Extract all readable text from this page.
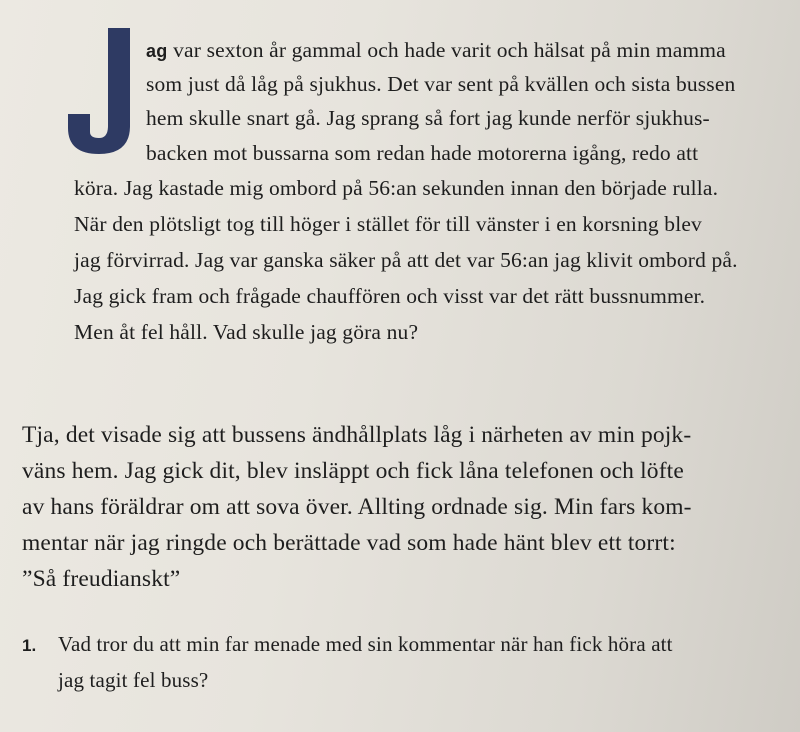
ag var sexton år gammal och hade varit och hälsat på min mamma
som just då låg på sjukhus. Det var sent på kvällen och sista bussen
hem skulle snart gå. Jag sprang så fort jag kunde nerför sjukhus-
backen mot bussarna som redan hade motorerna igång, redo att
köra. Jag kastade mig ombord på 56:an sekunden innan den började rulla.
När den plötsligt tog till höger i stället för till vänster i en korsning blev
jag förvirrad. Jag var ganska säker på att det var 56:an jag klivit ombord på.
Jag gick fram och frågade chauffören och visst var det rätt bussnummer.
Men åt fel håll. Vad skulle jag göra nu?
Tja, det visade sig att bussens ändhållplats låg i närheten av min pojk-
väns hem. Jag gick dit, blev insläppt och fick låna telefonen och löfte
av hans föräldrar om att sova över. Allting ordnade sig. Min fars kom-
mentar när jag ringde och berättade vad som hade hänt blev ett torrt:
”Så freudianskt”
1. Vad tror du att min far menade med sin kommentar när han fick höra att
jag tagit fel buss?
